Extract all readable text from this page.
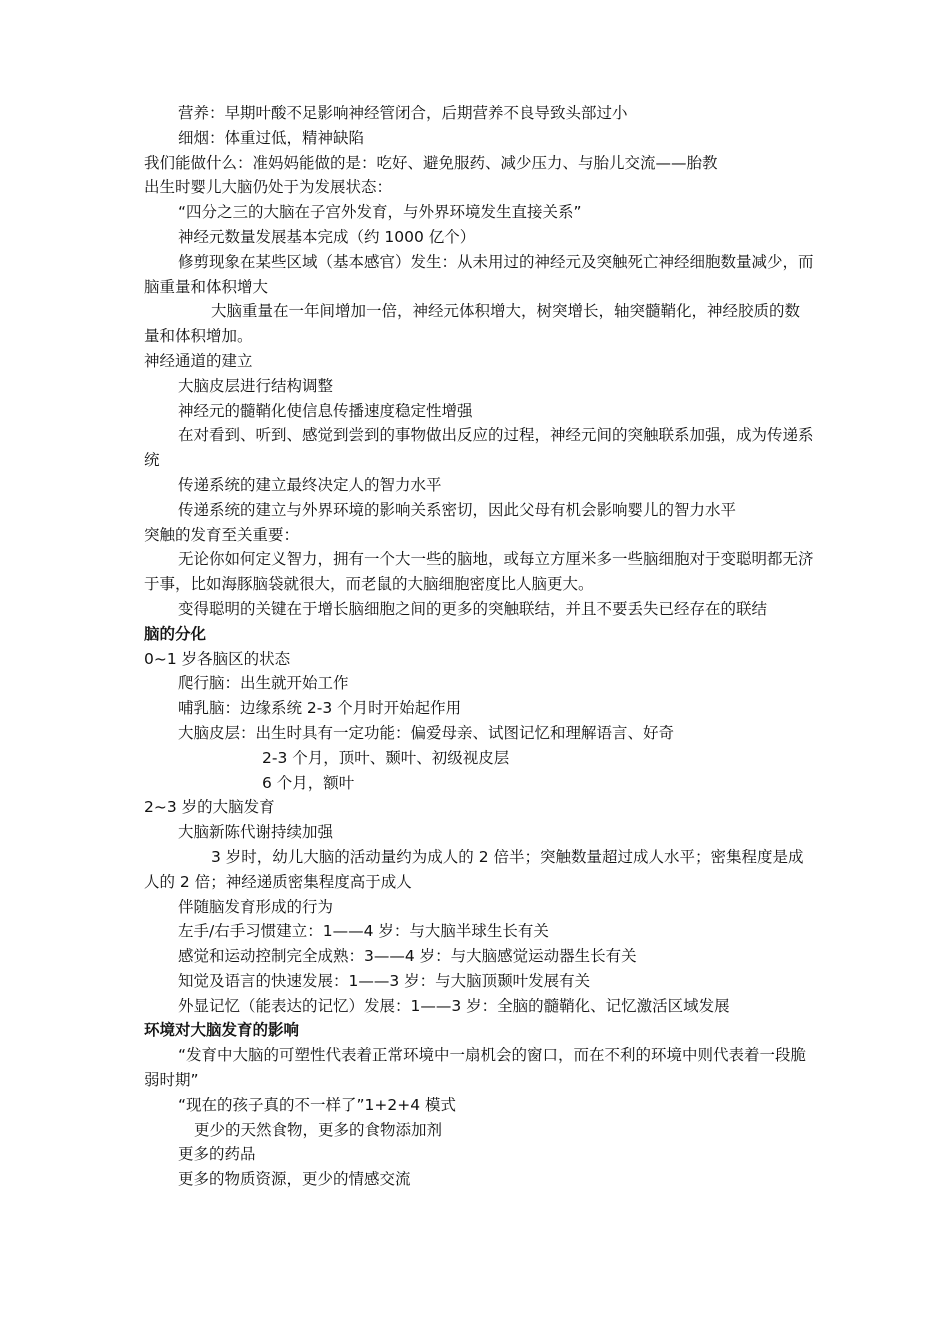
营养：早期叶酸不足影响神经管闭合，后期营养不良导致头部过小

细烟：体重过低，精神缺陷

我们能做什么：准妈妈能做的是：吃好、避免服药、减少压力、与胎儿交流——胎教

出生时婴儿大脑仍处于为发展状态：

“四分之三的大脑在子宫外发育，与外界环境发生直接关系”

神经元数量发展基本完成（约 1000 亿个）

修剪现象在某些区域（基本感官）发生：从未用过的神经元及突触死亡神经细胞数量减少，而脑重量和体积增大

大脑重量在一年间增加一倍，神经元体积增大，树突增长，轴突髓鞘化，神经胶质的数量和体积增加。

神经通道的建立

大脑皮层进行结构调整

神经元的髓鞘化使信息传播速度稳定性增强

在对看到、听到、感觉到尝到的事物做出反应的过程，神经元间的突触联系加强，成为传递系统

传递系统的建立最终决定人的智力水平

传递系统的建立与外界环境的影响关系密切，因此父母有机会影响婴儿的智力水平

突触的发育至关重要：

无论你如何定义智力，拥有一个大一些的脑地，或每立方厘米多一些脑细胞对于变聪明都无济于事，比如海豚脑袋就很大，而老鼠的大脑细胞密度比人脑更大。

变得聪明的关键在于增长脑细胞之间的更多的突触联结，并且不要丢失已经存在的联结

脑的分化

0~1 岁各脑区的状态

爬行脑：出生就开始工作

哺乳脑：边缘系统 2-3 个月时开始起作用

大脑皮层：出生时具有一定功能：偏爱母亲、试图记忆和理解语言、好奇

2-3 个月，顶叶、颞叶、初级视皮层

6 个月，额叶

2~3 岁的大脑发育

大脑新陈代谢持续加强

3 岁时，幼儿大脑的活动量约为成人的 2 倍半；突触数量超过成人水平；密集程度是成人的 2 倍；神经递质密集程度高于成人

伴随脑发育形成的行为

左手/右手习惯建立：1——4 岁：与大脑半球生长有关

感觉和运动控制完全成熟：3——4 岁：与大脑感觉运动器生长有关

知觉及语言的快速发展：1——3 岁：与大脑顶颞叶发展有关

外显记忆（能表达的记忆）发展：1——3 岁：全脑的髓鞘化、记忆激活区域发展

环境对大脑发育的影响

“发育中大脑的可塑性代表着正常环境中一扇机会的窗口，而在不利的环境中则代表着一段脆弱时期”

“现在的孩子真的不一样了”1+2+4 模式

更少的天然食物，更多的食物添加剂

更多的药品

更多的物质资源，更少的情感交流
